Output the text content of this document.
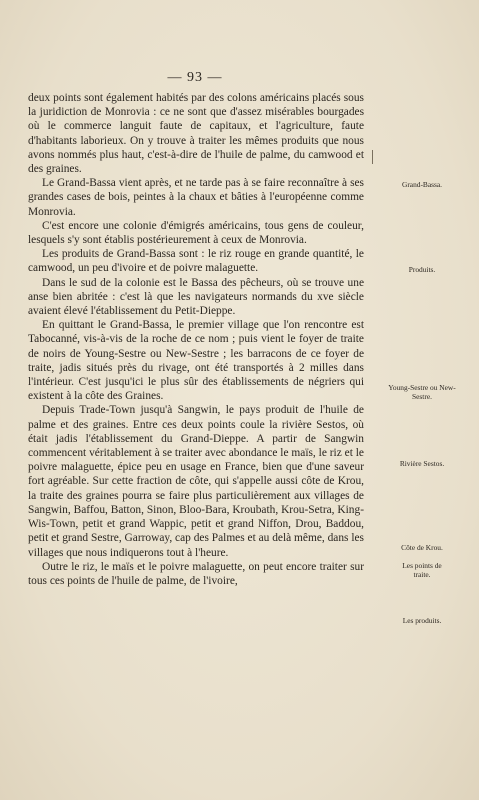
— 93 —

deux points sont également habités par des colons américains placés sous la juridiction de Monrovia : ce ne sont que d'assez misérables bourgades où le commerce languit faute de capitaux, et l'agriculture, faute d'habitants laborieux. On y trouve à traiter les mêmes produits que nous avons nommés plus haut, c'est-à-dire de l'huile de palme, du camwood et des graines.

Le Grand-Bassa vient après, et ne tarde pas à se faire reconnaître à ses grandes cases de bois, peintes à la chaux et bâties à l'européenne comme Monrovia.

C'est encore une colonie d'émigrés américains, tous gens de couleur, lesquels s'y sont établis postérieurement à ceux de Monrovia.

Les produits de Grand-Bassa sont : le riz rouge en grande quantité, le camwood, un peu d'ivoire et de poivre malaguette.

Dans le sud de la colonie est le Bassa des pêcheurs, où se trouve une anse bien abritée : c'est là que les navigateurs normands du xve siècle avaient élevé l'établissement du Petit-Dieppe.

En quittant le Grand-Bassa, le premier village que l'on rencontre est Tabocanné, vis-à-vis de la roche de ce nom ; puis vient le foyer de traite de noirs de Young-Sestre ou New-Sestre ; les barracons de ce foyer de traite, jadis situés près du rivage, ont été transportés à 2 milles dans l'intérieur. C'est jusqu'ici le plus sûr des établissements de négriers qui existent à la côte des Graines.

Depuis Trade-Town jusqu'à Sangwin, le pays produit de l'huile de palme et des graines. Entre ces deux points coule la rivière Sestos, où était jadis l'établissement du Grand-Dieppe. A partir de Sangwin commencent véritablement à se traiter avec abondance le maïs, le riz et le poivre malaguette, épice peu en usage en France, bien que d'une saveur fort agréable. Sur cette fraction de côte, qui s'appelle aussi côte de Krou, la traite des graines pourra se faire plus particulièrement aux villages de Sangwin, Baffou, Batton, Sinon, Bloo-Bara, Kroubath, Krou-Setra, King-Wis-Town, petit et grand Wappic, petit et grand Niffon, Drou, Baddou, petit et grand Sestre, Garroway, cap des Palmes et au delà même, dans les villages que nous indiquerons tout à l'heure.

Outre le riz, le maïs et le poivre malaguette, on peut encore traiter sur tous ces points de l'huile de palme, de l'ivoire,

Grand-Bassa.
Produits.
Young-Sestre ou New-Sestre.
Rivière Sestos.
Côte de Krou.
Les points de traite.
Les produits.
